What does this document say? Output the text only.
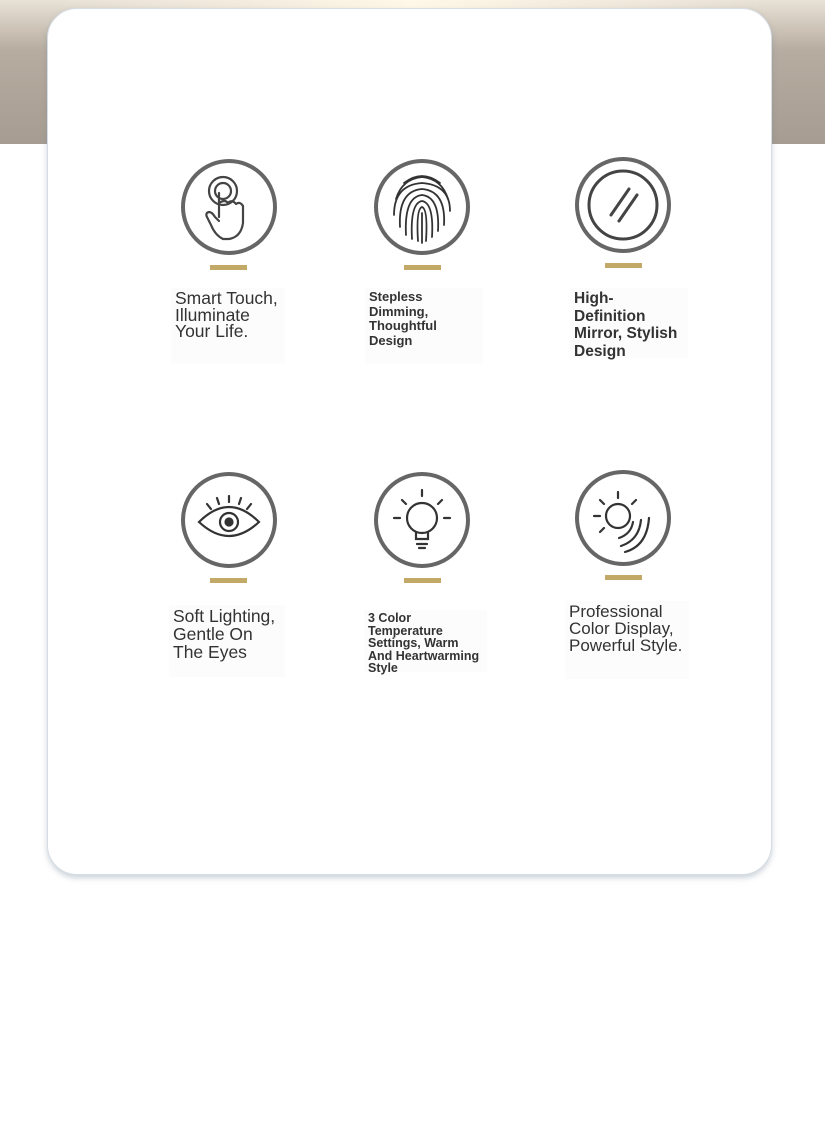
Smart Touch, Illuminate Your Life.
Stepless Dimming, Thoughtful Design
High-Definition Mirror, Stylish Design
Soft Lighting, Gentle On The Eyes
3 Color Temperature Settings, Warm And Heartwarming Style
Professional Color Display, Powerful Style.
